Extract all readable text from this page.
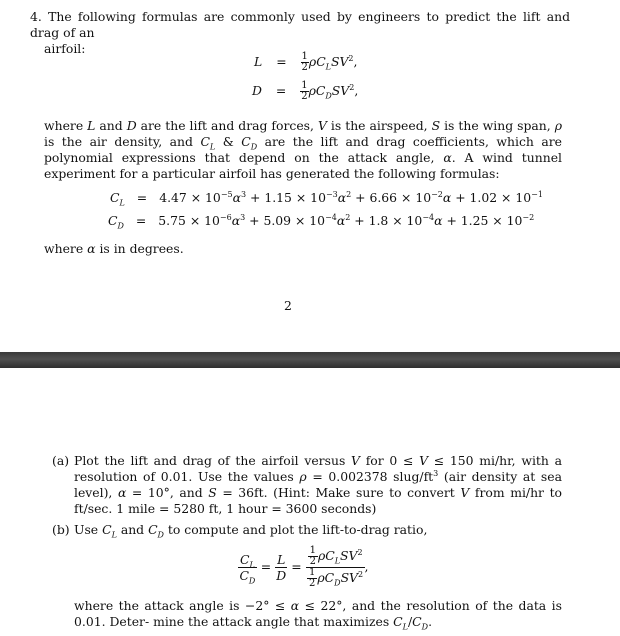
4. The following formulas are commonly used by engineers to predict the lift and drag of an
airfoil:
$L = \frac{1}{2} \rho C_LSV^2$,
$D = \frac{1}{2} \rho C_DSV^2$,
where L and D are the lift and drag forces, V is the airspeed, S is the wing span, ρ is the air density, and $C_L$ & $C_D$ are the lift and drag coefficients, which are polynomial expressions that depend on the attack angle, α. A wind tunnel experiment for a particular airfoil has generated the following formulas:
$C_L = 4.47 \times 10^{-5}\alpha^3 + 1.15 \times 10^{-3}\alpha^2 + 6.66 \times 10^{-2}\alpha + 1.02 \times 10^{-1}$
$C_D = 5.75 \times 10^{-6}\alpha^3 + 5.09 \times 10^{-4}\alpha^2 + 1.8 \times 10^{-4}\alpha + 1.25 \times 10^{-2}$
where α is in degrees.
2
(a) Plot the lift and drag of the airfoil versus V for 0 ≤ V ≤ 150 mi/hr, with a resolution of 0.01. Use the values ρ = 0.002378 slug/$ft^3$ (air density at sea level), α = 10°, and S = 36ft. (Hint: Make sure to convert V from mi/hr to ft/sec. 1 mile = 5280 ft, 1 hour = 3600 seconds)
(b) Use $C_L$ and $C_D$ to compute and plot the lift-to-drag ratio,
$\frac{C_L}{C_D} = \frac{L}{D} = \frac{1}{2} \rho C_LSV^2$
$\frac{1}{2} \rho C_DSV^2$
,
where the attack angle is −2° ≤ α ≤ 22°, and the resolution of the data is 0.01. Deter- mine the attack angle that maximizes $C_L/C_D$.
